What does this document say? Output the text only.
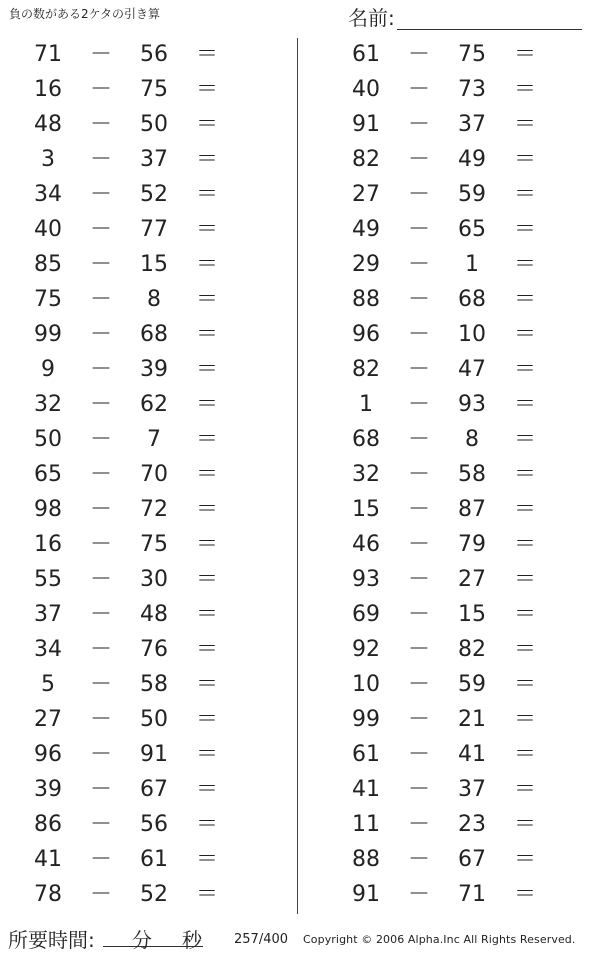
負の数がある2ケタの引き算	名前:
71	－	56	＝
16	－	75	＝
48	－	50	＝
3	－	37	＝
34	－	52	＝
40	－	77	＝
85	－	15	＝
75	－	8	＝
99	－	68	＝
9	－	39	＝
32	－	62	＝
50	－	7	＝
65	－	70	＝
98	－	72	＝
16	－	75	＝
55	－	30	＝
37	－	48	＝
34	－	76	＝
5	－	58	＝
27	－	50	＝
96	－	91	＝
39	－	67	＝
86	－	56	＝
41	－	61	＝
78	－	52	＝
61	－	75	＝
40	－	73	＝
91	－	37	＝
82	－	49	＝
27	－	59	＝
49	－	65	＝
29	－	1	＝
88	－	68	＝
96	－	10	＝
82	－	47	＝
1	－	93	＝
68	－	8	＝
32	－	58	＝
15	－	87	＝
46	－	79	＝
93	－	27	＝
69	－	15	＝
92	－	82	＝
10	－	59	＝
99	－	21	＝
61	－	41	＝
41	－	37	＝
11	－	23	＝
88	－	67	＝
91	－	71	＝
所要時間: 分 秒 257/400 Copyright © 2006 Alpha.Inc All Rights Reserved.
